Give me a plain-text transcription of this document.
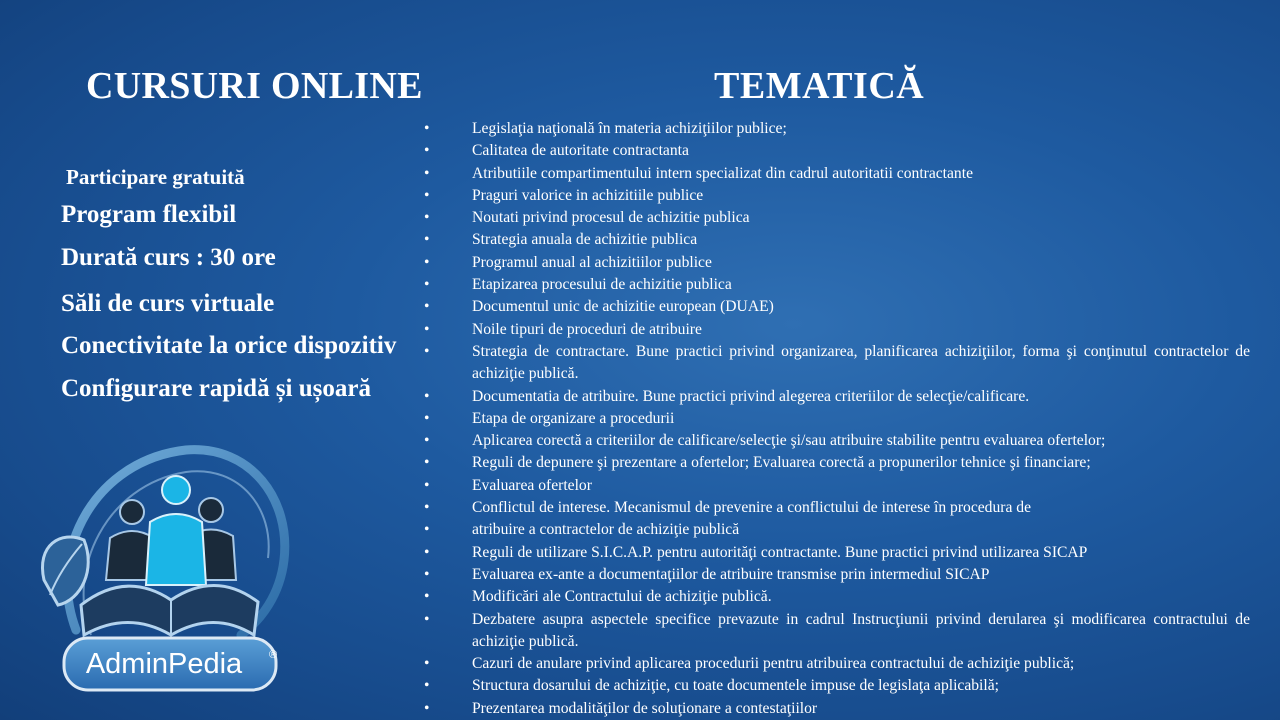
CURSURI ONLINE	TEMATICĂ
Participare gratuită
Program flexibil
Durată curs : 30 ore
Săli de curs virtuale
Conectivitate la orice dispozitiv
Configurare rapidă și ușoară
•	Legislaţia naţională în materia achiziţiilor publice;
•	Calitatea de autoritate contractanta
•	Atributiile compartimentului intern specializat din cadrul autoritatii contractante
•	Praguri valorice in achizitiile publice
•	Noutati privind procesul de achizitie publica
•	Strategia anuala de achizitie publica
•	Programul anual al achizitiilor publice
•	Etapizarea procesului de achizitie publica
•	Documentul unic de achizitie european (DUAE)
•	Noile tipuri de proceduri de atribuire
•	Strategia de contractare. Bune practici privind organizarea, planificarea achiziţiilor, forma şi conţinutul contractelor de achiziţie publică.
•	Documentatia de atribuire. Bune practici privind alegerea criteriilor de selecţie/calificare.
•	Etapa de organizare a procedurii
•	Aplicarea corectă a criteriilor de calificare/selecţie şi/sau atribuire stabilite pentru evaluarea ofertelor;
•	Reguli de depunere şi prezentare a ofertelor; Evaluarea corectă a propunerilor tehnice şi financiare;
•	Evaluarea ofertelor
•	Conflictul de interese. Mecanismul de prevenire a conflictului de interese în procedura de
•	atribuire a contractelor de achiziţie publică
•	Reguli de utilizare S.I.C.A.P. pentru autorităţi contractante. Bune practici privind utilizarea SICAP
•	Evaluarea ex-ante a documentaţiilor de atribuire transmise prin intermediul SICAP
•	Modificări ale Contractului de achiziţie publică.
•	Dezbatere asupra aspectele specifice prevazute in cadrul Instrucţiunii privind derularea şi modificarea contractului de achiziţie publică.
•	Cazuri de anulare privind aplicarea procedurii pentru atribuirea contractului de achiziţie publică;
•	Structura dosarului de achiziţie, cu toate documentele impuse de legislaţa aplicabilă;
•	Prezentarea modalităţilor de soluţionare a contestaţiilor
AdminPedia ®
